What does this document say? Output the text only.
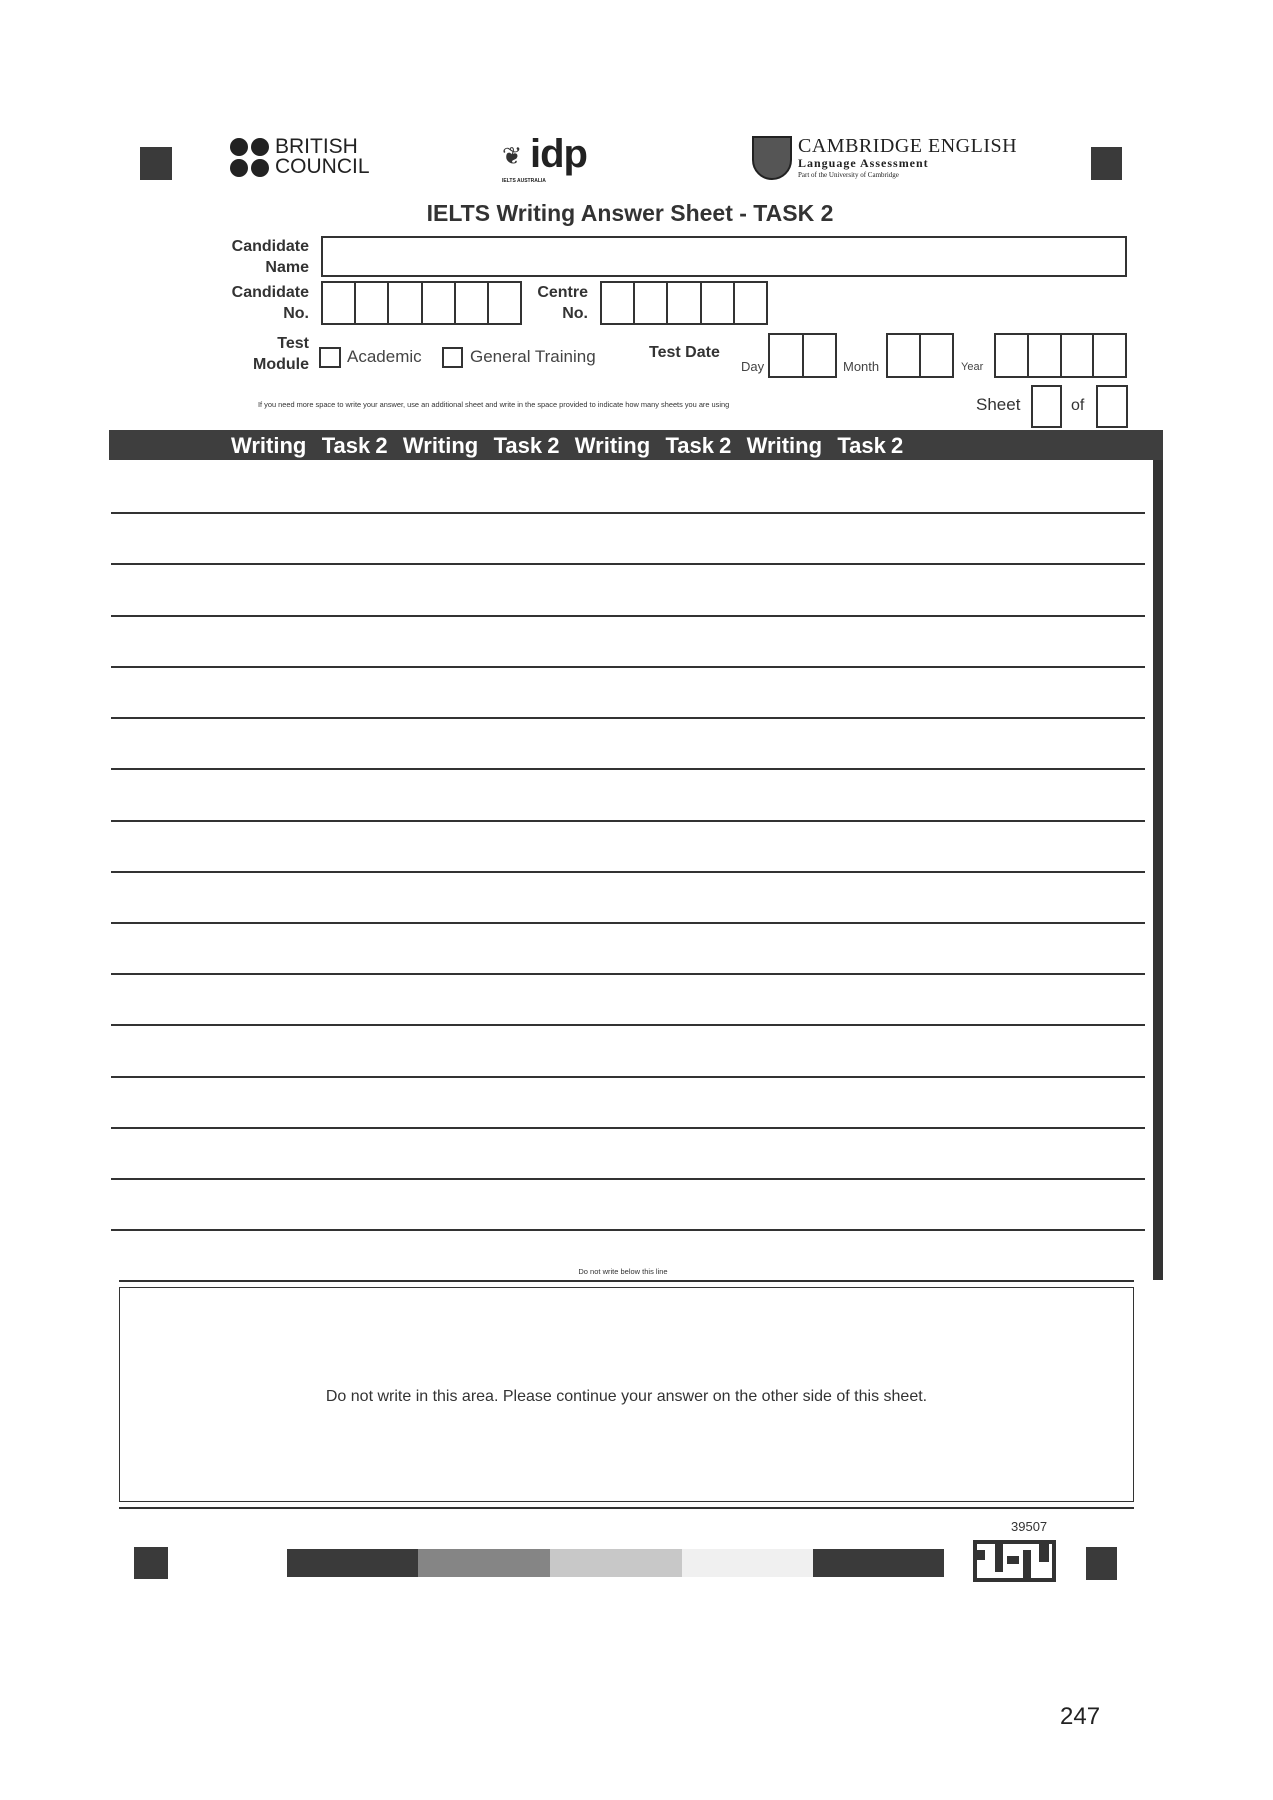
BRITISH
COUNCIL	❦ idp
IELTS AUSTRALIA
CAMBRIDGE ENGLISH
Language Assessment
Part of the University of Cambridge
IELTS Writing Answer Sheet - TASK 2
Candidate
Name
Candidate
No.
Centre
No.
Test
Module Academic	General Training	Test Date
Day	Month	Year
If you need more space to write your answer, use an additional sheet and write in the space provided to indicate how many sheets you are using	Sheet	of
Writing   Task 2   Writing   Task 2   Writing   Task 2   Writing   Task 2
Do not write below this line
Do not write in this area. Please continue your answer on the other side of this sheet.
39507
247
